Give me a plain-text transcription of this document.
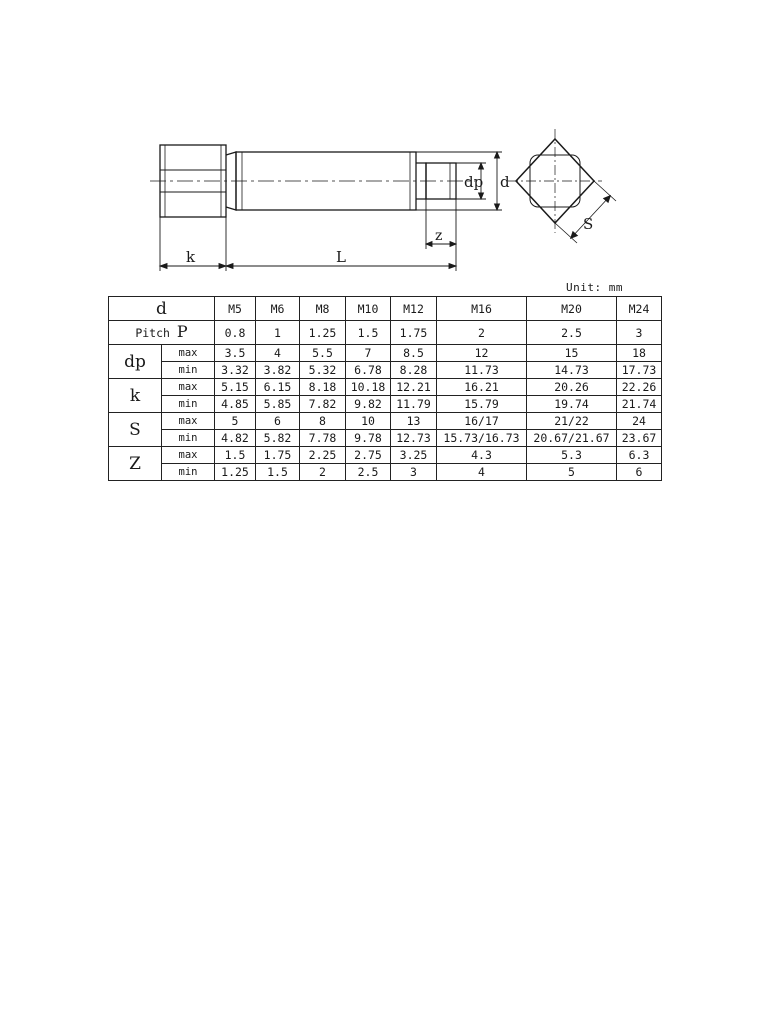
k	L
z
dp d
S
Unit: mm
d		M5	M6	M8	M10	M12	M16	M20	M24
Pitch P		0.8	1	1.25	1.5	1.75	2	2.5	3
dp	max	3.5	4	5.5	7	8.5	12	15	18
	min	3.32	3.82	5.32	6.78	8.28	11.73	14.73	17.73
k	max	5.15	6.15	8.18	10.18	12.21	16.21	20.26	22.26
	min	4.85	5.85	7.82	9.82	11.79	15.79	19.74	21.74
S	max	5	6	8	10	13	16/17	21/22	24
	min	4.82	5.82	7.78	9.78	12.73	15.73/16.73	20.67/21.67	23.67
Z	max	1.5	1.75	2.25	2.75	3.25	4.3	5.3	6.3
	min	1.25	1.5	2	2.5	3	4	5	6
